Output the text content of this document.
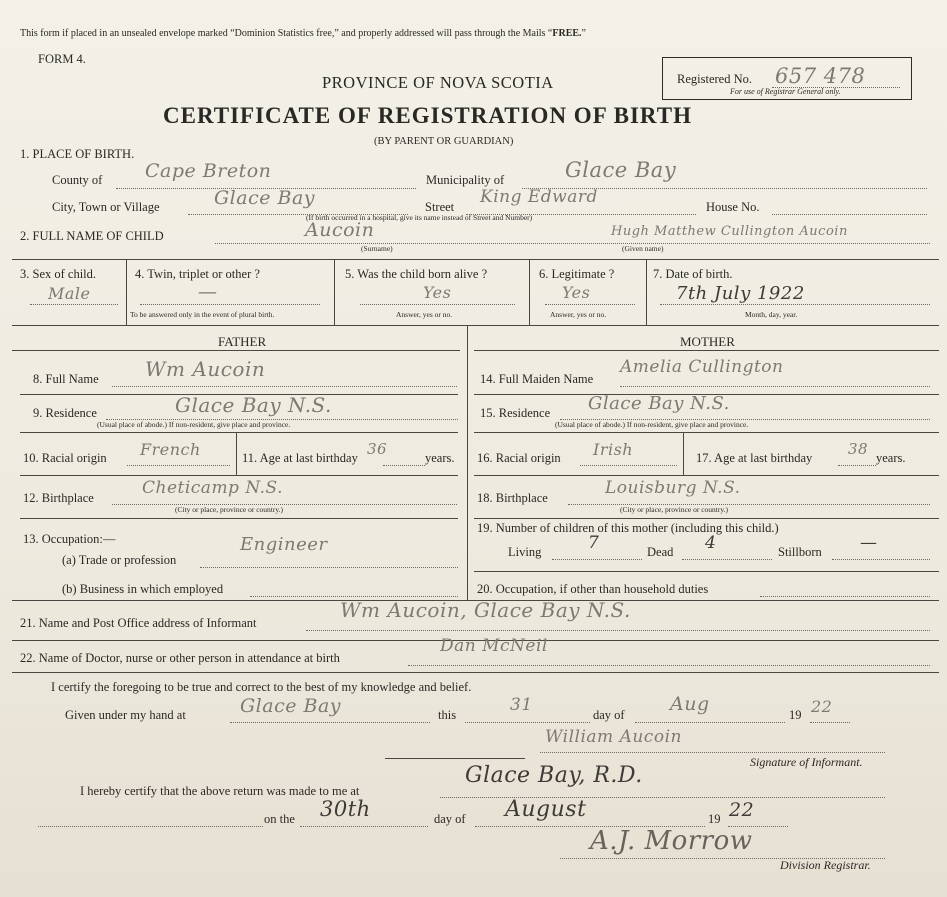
This form if placed in an unsealed envelope marked “Dominion Statistics free,” and properly addressed will pass through the Mails “FREE.”
FORM 4.
PROVINCE OF NOVA SCOTIA
CERTIFICATE OF REGISTRATION OF BIRTH
(BY PARENT OR GUARDIAN)
Registered No. 657 478
For use of Registrar General only.
1. PLACE OF BIRTH.
County of Cape Breton	Municipality of	Glace Bay
City, Town or Village	Glace Bay	Street King Edward	House No.
(If birth occurred in a hospital, give its name instead of Street and Number)
2. FULL NAME OF CHILD	Aucoin	Hugh Matthew Cullington Aucoin
(Surname)	(Given name)
3. Sex of child.
Male
4. Twin, triplet or other ?
—
To be answered only in the event of plural birth.
5. Was the child born alive ?
Yes
Answer, yes or no.
6. Legitimate ?
Yes
Answer, yes or no.
7. Date of birth.
7th July 1922
Month, day, year.
FATHER	MOTHER
8. Full Name Wm Aucoin
9. Residence	Glace Bay N.S.
(Usual place of abode.) If non-resident, give place and province.
10. Racial origin French	11. Age at last birthday 36	years.
12. Birthplace	Cheticamp N.S.
(City or place, province or country.)
13. Occupation:—
(a) Trade or profession
Engineer
(b) Business in which employed
14. Full Maiden Name
Amelia Cullington
15. Residence Glace Bay N.S.
(Usual place of abode.) If non-resident, give place and province.
16. Racial origin Irish	17. Age at last birthday 38 years.
18. Birthplace	Louisburg N.S.
(City or place, province or country.)
19. Number of children of this mother (including this child.)
Living	7	Dead 4	Stillborn —
20. Occupation, if other than household duties
21. Name and Post Office address of Informant
Wm Aucoin, Glace Bay N.S.
22. Name of Doctor, nurse or other person in attendance at birth
Dan McNeil
I certify the foregoing to be true and correct to the best of my knowledge and belief.
Given under my hand at	Glace Bay	this	31	day of Aug	19 22
William Aucoin
Signature of Informant.
I hereby certify that the above return was made to me at
Glace Bay, R.D.
on the 30th	day of August	19 22
A.J. Morrow
Division Registrar.
